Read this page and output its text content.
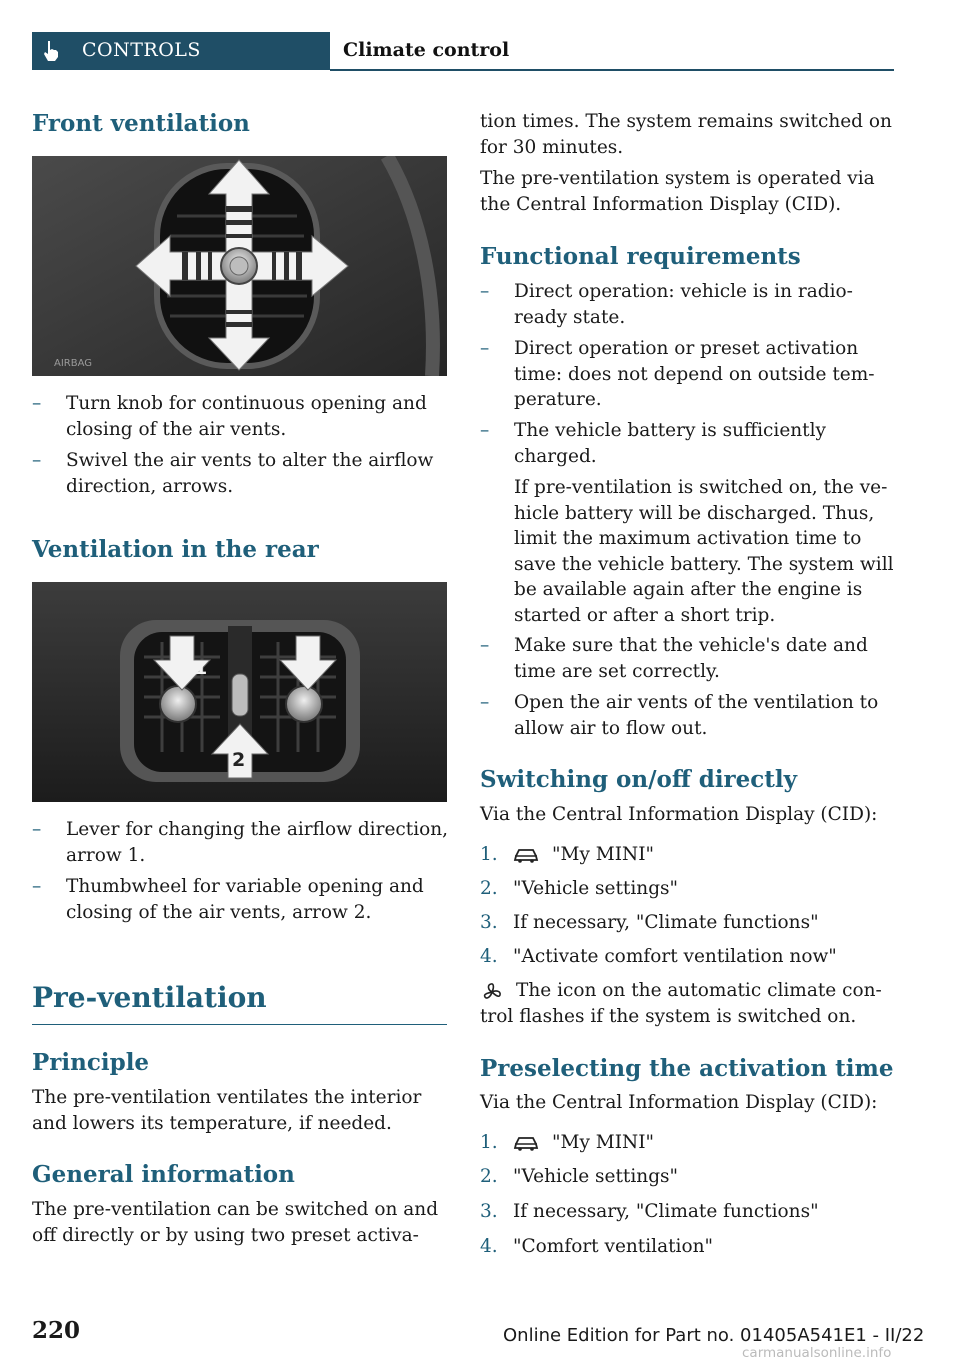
CONTROLS	Climate control
Front ventilation
AIRBAG
– Turn knob for continuous opening and
closing of the air vents.
– Swivel the air vents to alter the airflow
direction, arrows.
Ventilation in the rear
1	1
2
– Lever for changing the airflow direction,
arrow 1.
– Thumbwheel for variable opening and
closing of the air vents, arrow 2.
Pre-ventilation
Principle
The pre-ventilation ventilates the interior
and lowers its temperature, if needed.
General information
The pre-ventilation can be switched on and
off directly or by using two preset activa-
tion times. The system remains switched on
for 30 minutes.
The pre-ventilation system is operated via
the Central Information Display (CID).
Functional requirements
– Direct operation: vehicle is in radio-
ready state.
– Direct operation or preset activation
time: does not depend on outside tem-
perature.
– The vehicle battery is sufficiently
charged.
If pre-ventilation is switched on, the ve-
hicle battery will be discharged. Thus,
limit the maximum activation time to
save the vehicle battery. The system will
be available again after the engine is
started or after a short trip.
– Make sure that the vehicle's date and
time are set correctly.
– Open the air vents of the ventilation to
allow air to flow out.
Switching on/off directly
Via the Central Information Display (CID):
1.	"My MINI"
2. "Vehicle settings"
3. If necessary, "Climate functions"
4. "Activate comfort ventilation now"
The icon on the automatic climate con-
trol flashes if the system is switched on.
Preselecting the activation time
Via the Central Information Display (CID):
1.	"My MINI"
2. "Vehicle settings"
3. If necessary, "Climate functions"
4. "Comfort ventilation"
220	Online Edition for Part no. 01405A541E1 - II/22
carmanualsonline.info
